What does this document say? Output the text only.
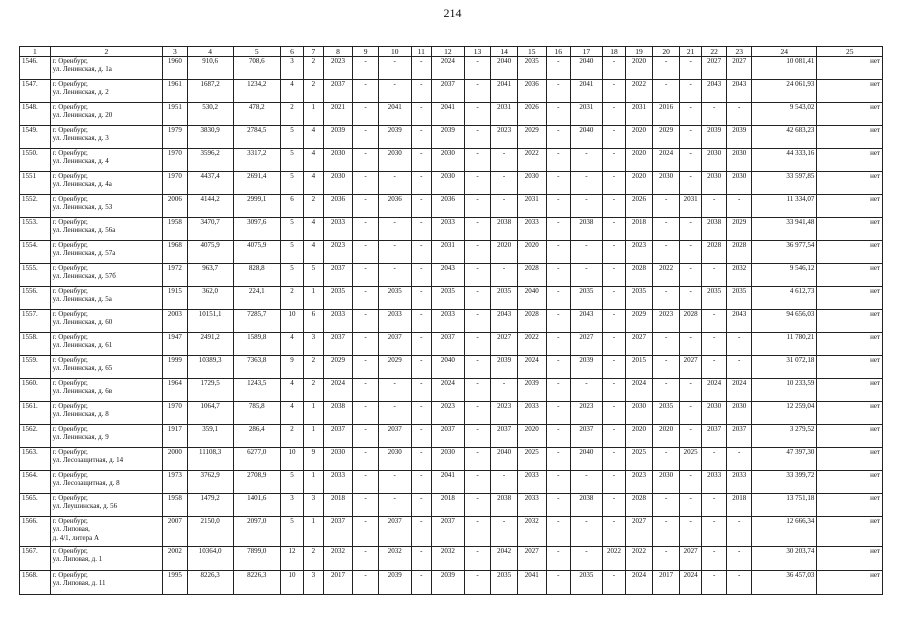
214
1	2	3	4	5	6	7	8	9	10	11	12	13	14	15	16	17	18	19	20	21	22	23	24	25
1546.	г. Оренбург,
ул. Ленинская, д. 1а	1960	910,6	708,6	3	2	2023	-	-	-	2024	-	2040	2035	-	2040	-	2020	-	-	2027	2027	10 081,41	нет
1547.	г. Оренбург,
ул. Ленинская, д. 2	1961	1687,2	1234,2	4	2	2037	-	-	-	2037	-	2041	2036	-	2041	-	2022	-	-	2043	2043	24 061,93	нет
1548.	г. Оренбург,
ул. Ленинская, д. 20	1951	530,2	478,2	2	1	2021	-	2041	-	2041	-	2031	2026	-	2031	-	2031	2016	-	-	-	9 543,02	нет
1549.	г. Оренбург,
ул. Ленинская, д. 3	1979	3830,9	2784,5	5	4	2039	-	2039	-	2039	-	2023	2029	-	2040	-	2020	2029	-	2039	2039	42 683,23	нет
1550.	г. Оренбург,
ул. Ленинская, д. 4	1970	3596,2	3317,2	5	4	2030	-	2030	-	2030	-	-	2022	-	-	-	2020	2024	-	2030	2030	44 333,16	нет
1551	г. Оренбург,
ул. Ленинская, д. 4а	1970	4437,4	2691,4	5	4	2030	-	-	-	2030	-	-	2030	-	-	-	2020	2030	-	2030	2030	33 597,85	нет
1552.	г. Оренбург,
ул. Ленинская, д. 53	2006	4144,2	2999,1	6	2	2036	-	2036	-	2036	-	-	2031	-	-	-	2026	-	2031	-	-	11 334,07	нет
1553.	г. Оренбург,
ул. Ленинская, д. 56а	1958	3470,7	3097,6	5	4	2033	-	-	-	2033	-	2038	2033	-	2038	-	2018	-	-	2038	2029	33 941,48	нет
1554.	г. Оренбург,
ул. Ленинская, д. 57а	1968	4075,9	4075,9	5	4	2023	-	-	-	2031	-	2020	2020	-	-	-	2023	-	-	2028	2028	36 977,54	нет
1555.	г. Оренбург,
ул. Ленинская, д. 57б	1972	963,7	828,8	5	5	2037	-	-	-	2043	-	-	2028	-	-	-	2028	2022	-	-	2032	9 546,12	нет
1556.	г. Оренбург,
ул. Ленинская, д. 5а	1915	362,0	224,1	2	1	2035	-	2035	-	2035	-	2035	2040	-	2035	-	2035	-	-	2035	2035	4 612,73	нет
1557.	г. Оренбург,
ул. Ленинская, д. 60	2003	10151,1	7285,7	10	6	2033	-	2033	-	2033	-	2043	2028	-	2043	-	2029	2023	2028	-	2043	94 656,03	нет
1558.	г. Оренбург,
ул. Ленинская, д. 61	1947	2491,2	1589,8	4	3	2037	-	2037	-	2037	-	2027	2022	-	2027	-	2027	-	-	-	-	11 780,21	нет
1559.	г. Оренбург,
ул. Ленинская, д. 65	1999	10389,3	7363,8	9	2	2029	-	2029	-	2040	-	2039	2024	-	2039	-	2015	-	2027	-	-	31 072,18	нет
1560.	г. Оренбург,
ул. Ленинская, д. 6в	1964	1729,5	1243,5	4	2	2024	-	-	-	2024	-	-	2039	-	-	-	2024	-	-	2024	2024	10 233,59	нет
1561.	г. Оренбург,
ул. Ленинская, д. 8	1970	1064,7	785,8	4	1	2038	-	-	-	2023	-	2023	2033	-	2023	-	2030	2035	-	2030	2030	12 259,04	нет
1562.	г. Оренбург,
ул. Ленинская, д. 9	1917	359,1	286,4	2	1	2037	-	2037	-	2037	-	2037	2020	-	2037	-	2020	2020	-	2037	2037	3 279,52	нет
1563.	г. Оренбург,
ул. Лесозащитная, д. 14	2000	11108,3	6277,0	10	9	2030	-	2030	-	2030	-	2040	2025	-	2040	-	2025	-	2025	-	-	47 397,30	нет
1564.	г. Оренбург,
ул. Лесозащитная, д. 8	1973	3762,9	2708,9	5	1	2033	-	-	-	2041	-	-	2033	-	-	-	2023	2030	-	2033	2033	33 399,72	нет
1565.	г. Оренбург,
ул. Леушинская, д. 56	1958	1479,2	1401,6	3	3	2018	-	-	-	2018	-	2038	2033	-	2038	-	2028	-	-	-	2018	13 751,18	нет
1566.	г. Оренбург,
ул. Липовая,
д. 4/1, литера А	2007	2150,0	2097,0	5	1	2037	-	2037	-	2037	-	-	2032	-	-	-	2027	-	-	-	-	12 666,34	нет
1567.	г. Оренбург,
ул. Липовая, д. 1	2002	10364,0	7899,0	12	2	2032	-	2032	-	2032	-	2042	2027	-	-	2022	2022	-	2027	-	-	30 203,74	нет
1568.	г. Оренбург,
ул. Липовая, д. 11	1995	8226,3	8226,3	10	3	2017	-	2039	-	2039	-	2035	2041	-	2035	-	2024	2017	2024	-	-	36 457,03	нет
